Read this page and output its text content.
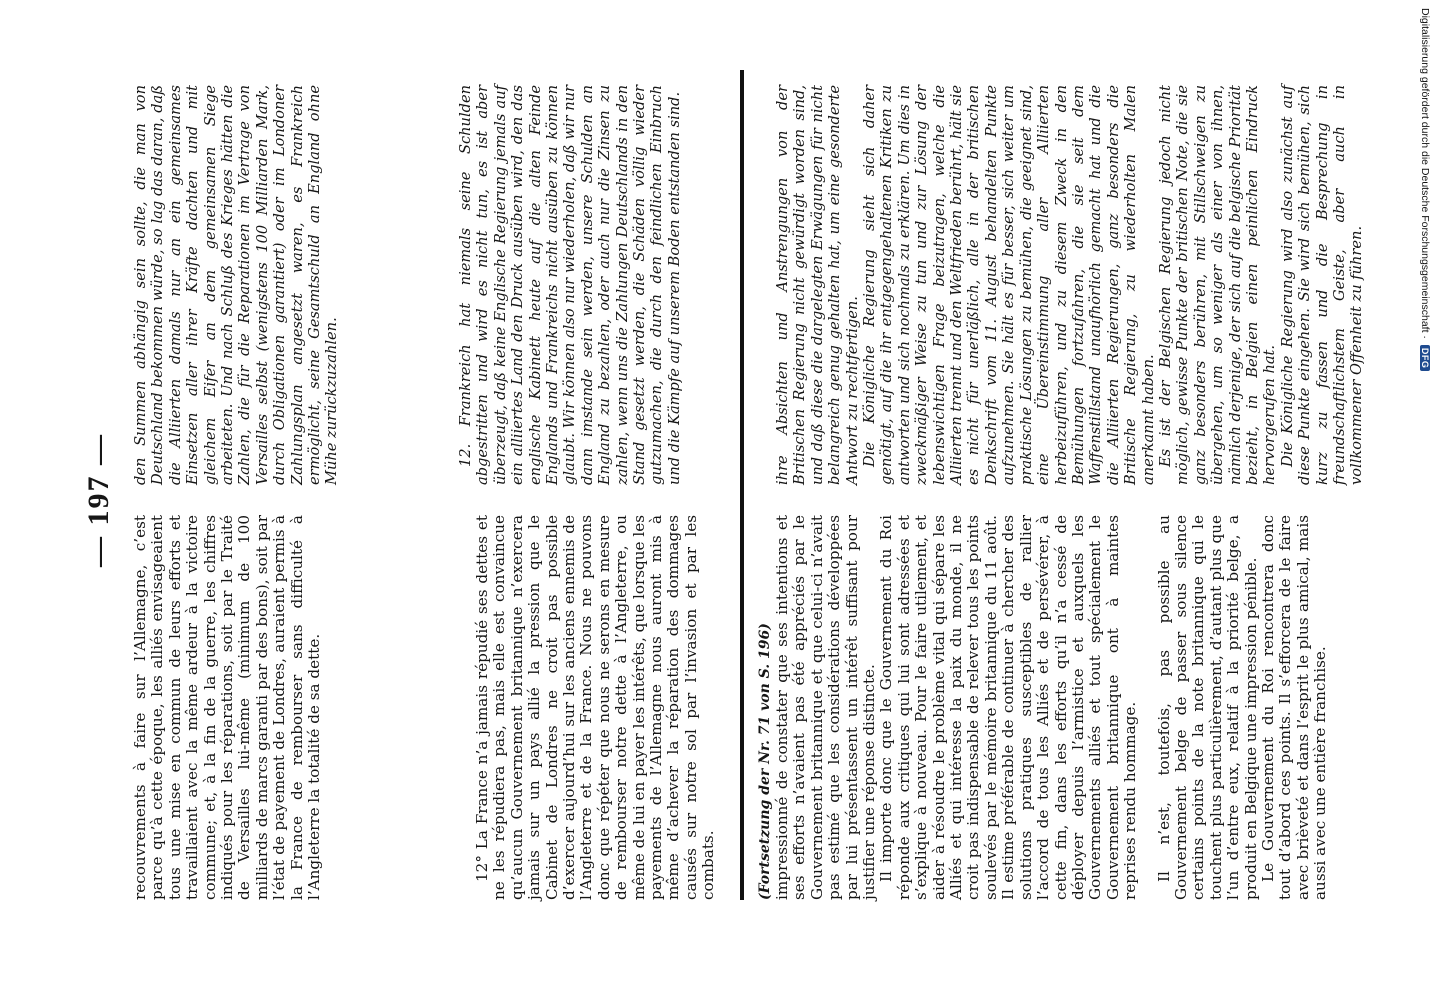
— 197 —

recouvrements à faire sur l’Allemagne, c’est parce qu’à cette époque, les alliés envisageaient tous une mise en commun de leurs efforts et travaillaient avec la même ardeur à la victoire commune; et, à la fin de la guerre, les chiffres indiqués pour les réparations, soit par le Traité de Versailles lui-même (minimum de 100 milliards de marcs garanti par des bons), soit par l’état de payement de Londres, auraient permis à la France de rembourser sans difficulté à l’Angleterre la totalité de sa dette.

den Summen abhängig sein sollte, die man von Deutschland bekommen würde, so lag das daran, daß die Alliierten damals nur an ein gemeinsames Einsetzen aller ihrer Kräfte dachten und mit gleichem Eifer an dem gemeinsamen Siege arbeiteten. Und nach Schluß des Krieges hätten die Zahlen, die für die Reparationen im Vertrage von Versailles selbst (wenigstens 100 Milliarden Mark, durch Obligationen garantiert) oder im Londoner Zahlungsplan angesetzt waren, es Frankreich ermöglicht, seine Gesamtschuld an England ohne Mühe zurückzuzahlen.

12° La France n’a jamais répudié ses dettes et ne les répudiera pas, mais elle est convaincue qu’aucun Gouvernement britannique n’exercera jamais sur un pays allié la pression que le Cabinet de Londres ne croit pas possible d’exercer aujourd’hui sur les anciens ennemis de l’Angleterre et de la France. Nous ne pouvons donc que répéter que nous ne serons en mesure de rembourser notre dette à l’Angleterre, ou même de lui en payer les intérêts, que lorsque les payements de l’Allemagne nous auront mis à même d’achever la réparation des dommages causés sur notre sol par l’invasion et par les combats.

12. Frankreich hat niemals seine Schulden abgestritten und wird es nicht tun, es ist aber überzeugt, daß keine Englische Regierung jemals auf ein alliiertes Land den Druck ausüben wird, den das englische Kabinett heute auf die alten Feinde Englands und Frankreichs nicht ausüben zu können glaubt. Wir können also nur wiederholen, daß wir nur dann imstande sein werden, unsere Schulden an England zu bezahlen, oder auch nur die Zinsen zu zahlen, wenn uns die Zahlungen Deutschlands in den Stand gesetzt werden, die Schäden völlig wieder gutzumachen, die durch den feindlichen Einbruch und die Kämpfe auf unserem Boden entstanden sind.

(Fortsetzung der Nr. 71 von S. 196) impressionné de constater que ses intentions et ses efforts n’avaient pas été appréciés par le Gouvernement britannique et que celui-ci n’avait pas estimé que les considérations développées par lui présentassent un intérêt suffisant pour justifier une réponse distincte. Il importe donc que le Gouvernement du Roi réponde aux critiques qui lui sont adressées et s’explique à nouveau. Pour le faire utilement, et aider à résoudre le problème vital qui sépare les Alliés et qui intéresse la paix du monde, il ne croit pas indispensable de relever tous les points soulevés par le mémoire britannique du 11 août. Il estime préférable de continuer à chercher des solutions pratiques susceptibles de rallier l’accord de tous les Alliés et de persévérer, à cette fin, dans les efforts qu’il n’a cessé de déployer depuis l’armistice et auxquels les Gouvernements alliés et tout spécialement le Gouvernement britannique ont à maintes reprises rendu hommage. Il n’est, toutefois, pas possible au Gouvernement belge de passer sous silence certains points de la note britannique qui le touchent plus particulièrement, d’autant plus que l’un d’entre eux, relatif à la priorité belge, a produit en Belgique une impression pénible. Le Gouvernement du Roi rencontrera donc tout d’abord ces points. Il s’efforcera de le faire avec brièveté et dans l’esprit le plus amical, mais aussi avec une entière franchise.

ihre Absichten und Anstrengungen von der Britischen Regierung nicht gewürdigt worden sind, und daß diese die dargelegten Erwägungen für nicht belangreich genug gehalten hat, um eine gesonderte Antwort zu rechtfertigen. Die Königliche Regierung sieht sich daher genötigt, auf die ihr entgegengehaltenen Kritiken zu antworten und sich nochmals zu erklären. Um dies in zweckmäßiger Weise zu tun und zur Lösung der lebenswichtigen Frage beizutragen, welche die Alliierten trennt und den Weltfrieden berührt, hält sie es nicht für unerläßlich, alle in der britischen Denkschrift vom 11. August behandelten Punkte aufzunehmen. Sie hält es für besser, sich weiter um praktische Lösungen zu bemühen, die geeignet sind, eine Übereinstimmung aller Alliierten herbeizuführen, und zu diesem Zweck in den Bemühungen fortzufahren, die sie seit dem Waffenstillstand unaufhörlich gemacht hat und die die Alliierten Regierungen, ganz besonders die Britische Regierung, zu wiederholten Malen anerkannt haben. Es ist der Belgischen Regierung jedoch nicht möglich, gewisse Punkte der britischen Note, die sie ganz besonders berühren, mit Stillschweigen zu übergehen, um so weniger als einer von ihnen, nämlich derjenige, der sich auf die belgische Priorität bezieht, in Belgien einen peinlichen Eindruck hervorgerufen hat. Die Königliche Regierung wird also zunächst auf diese Punkte eingehen. Sie wird sich bemühen, sich kurz zu fassen und die Besprechung in freundschaftlichstem Geiste, aber auch in vollkommener Offenheit zu führen.

Digitalisierung gefördert durch die Deutsche Forschungsgemeinschaft · DFG
